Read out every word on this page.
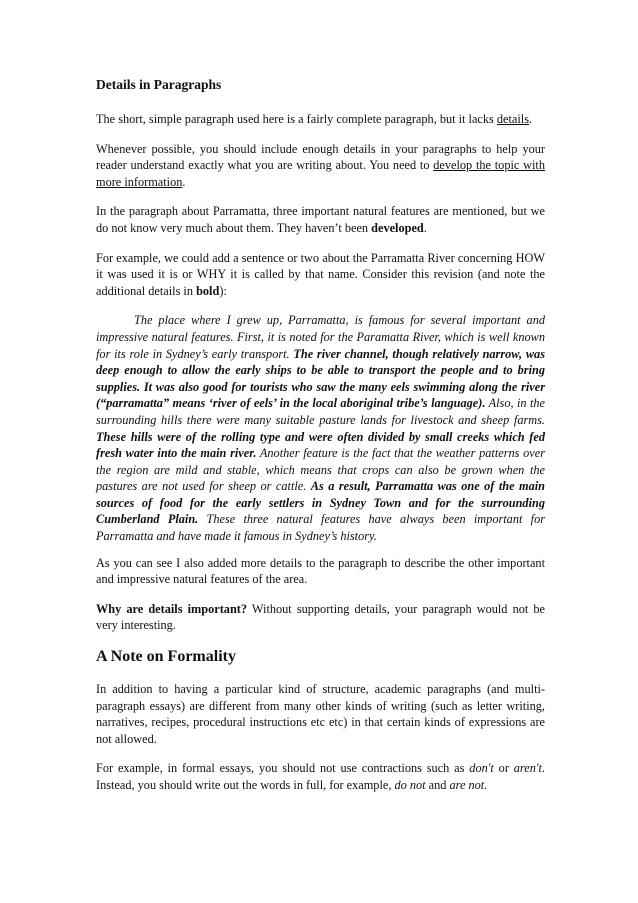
Details in Paragraphs

The short, simple paragraph used here is a fairly complete paragraph, but it lacks details.

Whenever possible, you should include enough details in your paragraphs to help your reader understand exactly what you are writing about. You need to develop the topic with more information.

In the paragraph about Parramatta, three important natural features are mentioned, but we do not know very much about them. They haven’t been developed.

For example, we could add a sentence or two about the Parramatta River concerning HOW it was used it is or WHY it is called by that name. Consider this revision (and note the additional details in bold):

The place where I grew up, Parramatta, is famous for several important and impressive natural features. First, it is noted for the Paramatta River, which is well known for its role in Sydney’s early transport. The river channel, though relatively narrow, was deep enough to allow the early ships to be able to transport the people and to bring supplies. It was also good for tourists who saw the many eels swimming along the river (“parramatta” means ‘river of eels’ in the local aboriginal tribe’s language). Also, in the surrounding hills there were many suitable pasture lands for livestock and sheep farms. These hills were of the rolling type and were often divided by small creeks which fed fresh water into the main river. Another feature is the fact that the weather patterns over the region are mild and stable, which means that crops can also be grown when the pastures are not used for sheep or cattle. As a result, Parramatta was one of the main sources of food for the early settlers in Sydney Town and for the surrounding Cumberland Plain. These three natural features have always been important for Parramatta and have made it famous in Sydney’s history.

As you can see I also added more details to the paragraph to describe the other important and impressive natural features of the area.

Why are details important? Without supporting details, your paragraph would not be very interesting.

A Note on Formality

In addition to having a particular kind of structure, academic paragraphs (and multi-paragraph essays) are different from many other kinds of writing (such as letter writing, narratives, recipes, procedural instructions etc etc) in that certain kinds of expressions are not allowed.

For example, in formal essays, you should not use contractions such as don't or aren't. Instead, you should write out the words in full, for example, do not and are not.
